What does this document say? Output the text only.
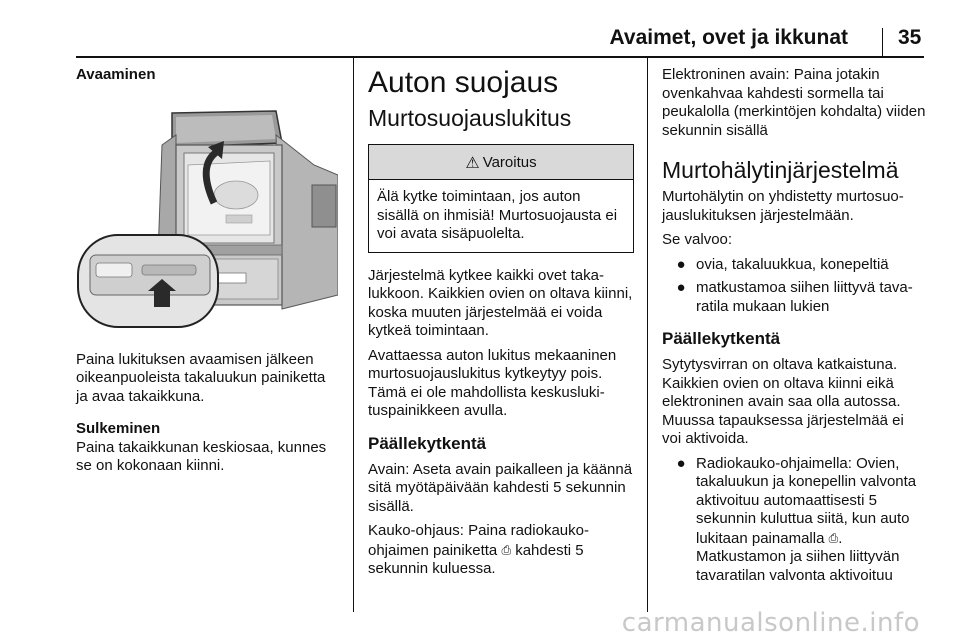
Avaimet, ovet ja ikkunat 35

Avaaminen

Paina lukituksen avaamisen jälkeen oikeanpuoleista takaluukun painiketta ja avaa takaikkuna.

Sulkeminen

Paina takaikkunan keskiosaa, kunnes se on kokonaan kiinni.

Auton suojaus
Murtosuojauslukitus
⚠ Varoitus
Älä kytke toimintaan, jos auton sisällä on ihmisiä! Murtosuojausta ei voi avata sisäpuolelta.

Järjestelmä kytkee kaikki ovet takalukkoon. Kaikkien ovien on oltava kiinni, koska muuten järjestelmää ei voida kytkeä toimintaan.

Avattaessa auton lukitus mekaaninen murtosuojauslukitus kytkeytyy pois. Tämä ei ole mahdollista keskuslukituspainikkeen avulla.

Päällekytkentä

Avain: Aseta avain paikalleen ja käännä sitä myötäpäivään kahdesti 5 sekunnin sisällä.

Kauko-ohjaus: Paina radiokaukoohjaimen painiketta ⎙ kahdesti 5 sekunnin kuluessa.

Elektroninen avain: Paina jotakin ovenkahvaa kahdesti sormella tai peukalolla (merkintöjen kohdalta) viiden sekunnin sisällä

Murtohälytinjärjestelmä

Murtohälytin on yhdistetty murtosuojauslukituksen järjestelmään.

Se valvoo:

● ovia, takaluukkua, konepeltiä
● matkustamoa siihen liittyvä tavaratila mukaan lukien
Päällekytkentä

Sytytysvirran on oltava katkaistuna. Kaikkien ovien on oltava kiinni eikä elektroninen avain saa olla autossa. Muussa tapauksessa järjestelmää ei voi aktivoida.

● Radiokauko-ohjaimella: Ovien, takaluukun ja konepellin valvonta aktivoituu automaattisesti 5 sekunnin kuluttua siitä, kun auto lukitaan painamalla ⎙. Matkustamon ja siihen liittyvän tavaratilan valvonta aktivoituu
carmanualsonline.info
